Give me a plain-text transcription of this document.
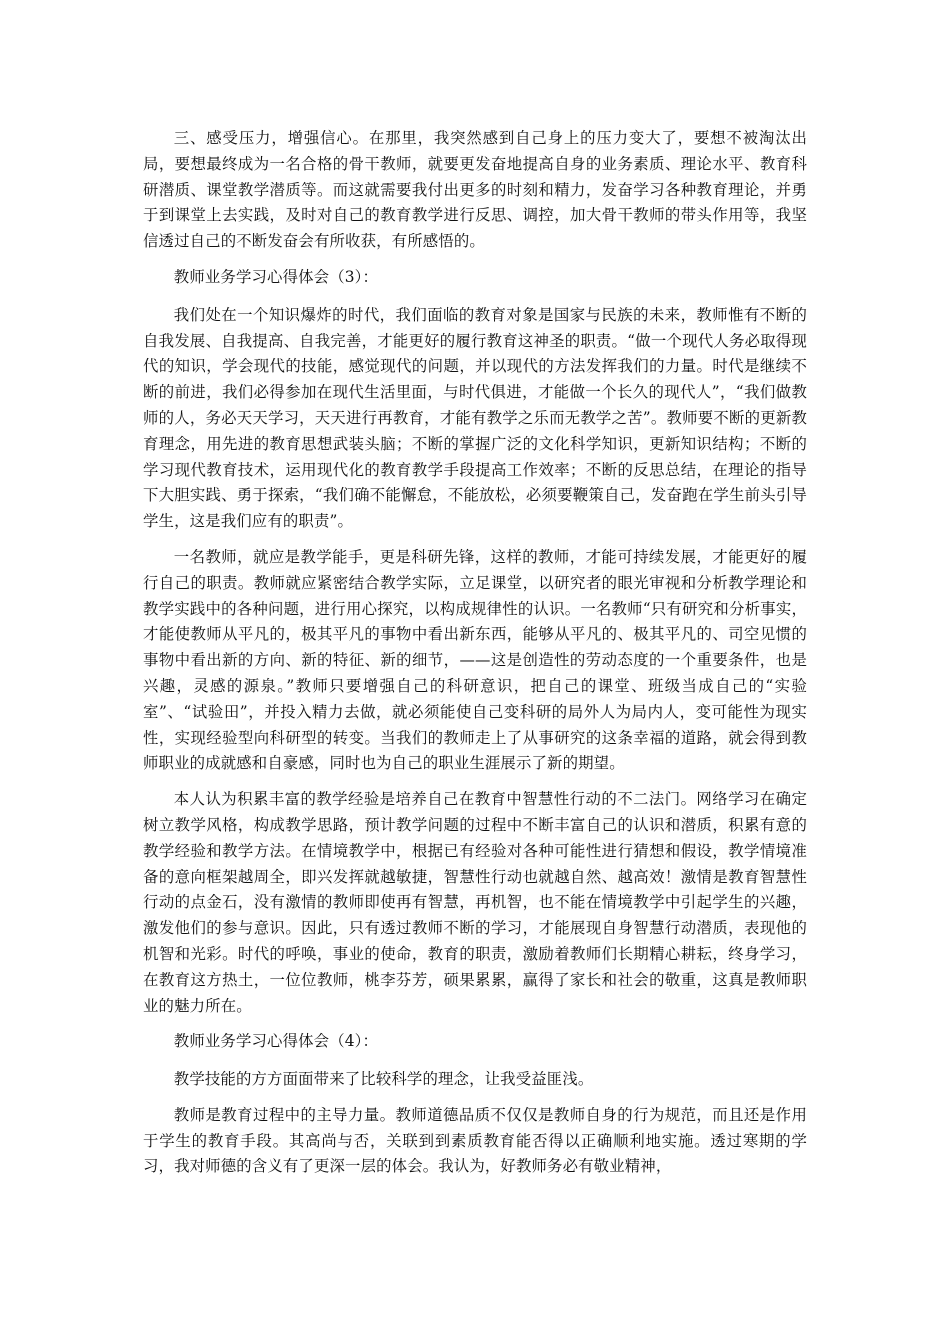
三、感受压力，增强信心。在那里，我突然感到自己身上的压力变大了，要想不被淘汰出局，要想最终成为一名合格的骨干教师，就要更发奋地提高自身的业务素质、理论水平、教育科研潜质、课堂教学潜质等。而这就需要我付出更多的时刻和精力，发奋学习各种教育理论，并勇于到课堂上去实践，及时对自己的教育教学进行反思、调控，加大骨干教师的带头作用等，我坚信透过自己的不断发奋会有所收获，有所感悟的。

教师业务学习心得体会（3）：

我们处在一个知识爆炸的时代，我们面临的教育对象是国家与民族的未来，教师惟有不断的自我发展、自我提高、自我完善，才能更好的履行教育这神圣的职责。“做一个现代人务必取得现代的知识，学会现代的技能，感觉现代的问题，并以现代的方法发挥我们的力量。时代是继续不断的前进，我们必得参加在现代生活里面，与时代俱进，才能做一个长久的现代人”，“我们做教师的人，务必天天学习，天天进行再教育，才能有教学之乐而无教学之苦”。教师要不断的更新教育理念，用先进的教育思想武装头脑；不断的掌握广泛的文化科学知识，更新知识结构；不断的学习现代教育技术，运用现代化的教育教学手段提高工作效率；不断的反思总结，在理论的指导下大胆实践、勇于探索，“我们确不能懈怠，不能放松，必须要鞭策自己，发奋跑在学生前头引导学生，这是我们应有的职责”。

一名教师，就应是教学能手，更是科研先锋，这样的教师，才能可持续发展，才能更好的履行自己的职责。教师就应紧密结合教学实际，立足课堂，以研究者的眼光审视和分析教学理论和教学实践中的各种问题，进行用心探究，以构成规律性的认识。一名教师“只有研究和分析事实，才能使教师从平凡的，极其平凡的事物中看出新东西，能够从平凡的、极其平凡的、司空见惯的事物中看出新的方向、新的特征、新的细节，——这是创造性的劳动态度的一个重要条件，也是兴趣，灵感的源泉。”教师只要增强自己的科研意识，把自己的课堂、班级当成自己的“实验室”、“试验田”，并投入精力去做，就必须能使自己变科研的局外人为局内人，变可能性为现实性，实现经验型向科研型的转变。当我们的教师走上了从事研究的这条幸福的道路，就会得到教师职业的成就感和自豪感，同时也为自己的职业生涯展示了新的期望。

本人认为积累丰富的教学经验是培养自己在教育中智慧性行动的不二法门。网络学习在确定树立教学风格，构成教学思路，预计教学问题的过程中不断丰富自己的认识和潜质，积累有意的教学经验和教学方法。在情境教学中，根据已有经验对各种可能性进行猜想和假设，教学情境准备的意向框架越周全，即兴发挥就越敏捷，智慧性行动也就越自然、越高效！激情是教育智慧性行动的点金石，没有激情的教师即使再有智慧，再机智，也不能在情境教学中引起学生的兴趣，激发他们的参与意识。因此，只有透过教师不断的学习，才能展现自身智慧行动潜质，表现他的机智和光彩。时代的呼唤，事业的使命，教育的职责，激励着教师们长期精心耕耘，终身学习，在教育这方热土，一位位教师，桃李芬芳，硕果累累，赢得了家长和社会的敬重，这真是教师职业的魅力所在。

教师业务学习心得体会（4）：

教学技能的方方面面带来了比较科学的理念，让我受益匪浅。

教师是教育过程中的主导力量。教师道德品质不仅仅是教师自身的行为规范，而且还是作用于学生的教育手段。其高尚与否，关联到到素质教育能否得以正确顺利地实施。透过寒期的学习，我对师德的含义有了更深一层的体会。我认为，好教师务必有敬业精神，
